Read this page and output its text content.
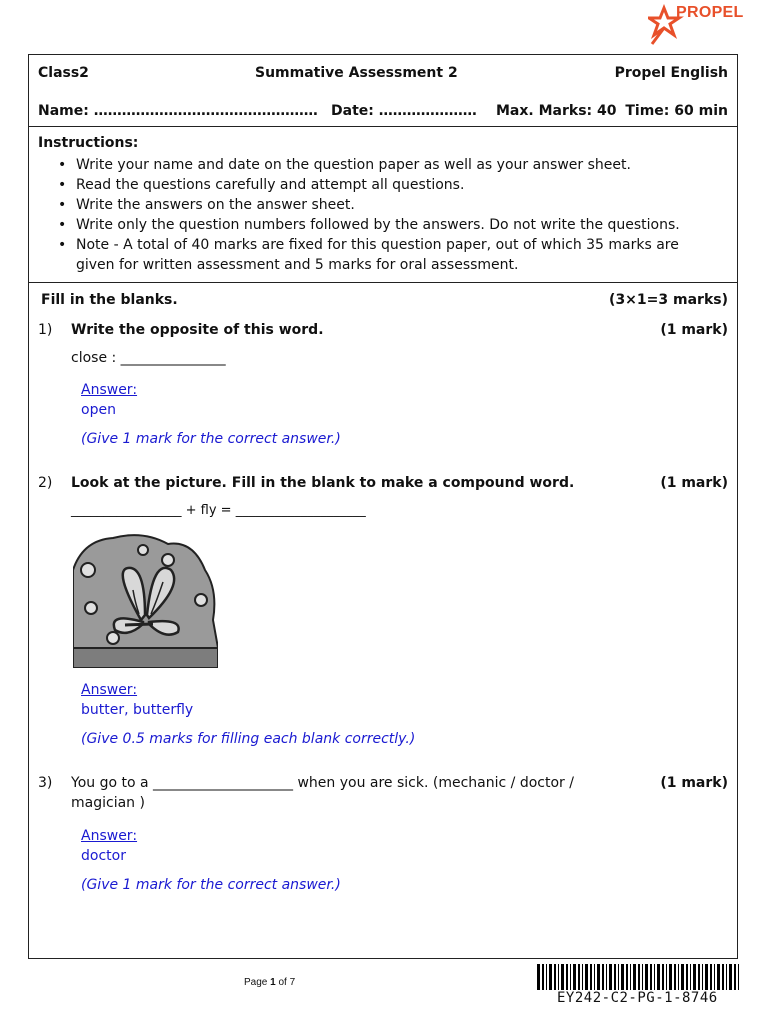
PROPEL
Class2	Summative Assessment 2	Propel English
Name: ………………………………………… Date: ………………… Max. Marks: 40 Time: 60 min
Instructions:
• Write your name and date on the question paper as well as your answer sheet.
• Read the questions carefully and attempt all questions.
• Write the answers on the answer sheet.
• Write only the question numbers followed by the answers. Do not write the questions.
• Note - A total of 40 marks are fixed for this question paper, out of which 35 marks are
given for written assessment and 5 marks for oral assessment.
Fill in the blanks.	(3×1=3 marks)
1) Write the opposite of this word.	(1 mark)
close : _______________
Answer:
open
(Give 1 mark for the correct answer.)
2) Look at the picture. Fill in the blank to make a compound word.	(1 mark)
_________________ + fly = ____________________
Answer:
butter, butterfly
(Give 0.5 marks for filling each blank correctly.)
3) You go to a ____________________ when you are sick. (mechanic / doctor /
magician )
(1 mark)
Answer:
doctor
(Give 1 mark for the correct answer.)
Page 1 of 7
EY242-C2-PG-1-8746
